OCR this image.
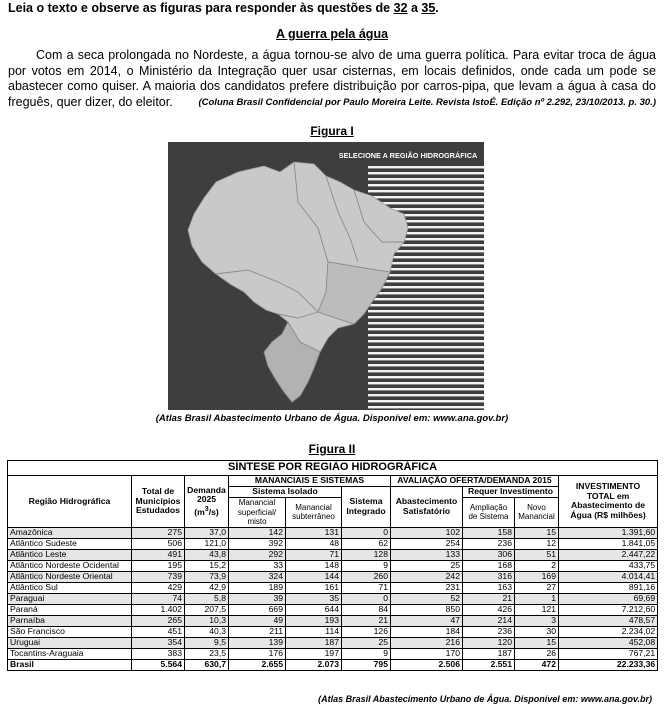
Leia o texto e observe as figuras para responder às questões de 32 a 35.
A guerra pela água
Com a seca prolongada no Nordeste, a água tornou-se alvo de uma guerra política. Para evitar troca de água por votos em 2014, o Ministério da Integração quer usar cisternas, em locais definidos, onde cada um pode se abastecer como quiser. A maioria dos candidatos prefere distribuição por carros-pipa, que levam a água à casa do freguês, quer dizer, do eleitor.	(Coluna Brasil Confidencial por Paulo Moreira Leite. Revista IstoÉ. Edição nº 2.292, 23/10/2013. p. 30.)
Figura I
SELECIONE A REGIÃO HIDROGRÁFICA
(Atlas Brasil Abastecimento Urbano de Água. Disponível em: www.ana.gov.br)
Figura II
SÍNTESE POR REGIÃO HIDROGRÁFICA									
Região Hidrográfica	Total de Municípios Estudados	Demanda 2025 $(m^3/s)$	MANANCIAIS E SISTEMAS			AVALIAÇÃO OFERTA/DEMANDA 2015			INVESTIMENTO TOTAL em Abastecimento de Água (R$ milhões)
			Sistema Isolado		Sistema Integrado	Abastecimento Satisfatório	Requer Investimento		
			Manancial superficial/ misto	Manancial subterrâneo			Ampliação de Sistema	Novo Manancial	
Amazônica	275	37,0	142	131	0	102	158	15	1.391,60
Atlântico Sudeste	506	121,0	392	48	62	254	236	12	1.841,05
Atlântico Leste	491	43,8	292	71	128	133	306	51	2.447,22
Atlântico Nordeste Ocidental	195	15,2	33	148	9	25	168	2	433,75
Atlântico Nordeste Oriental	739	73,9	324	144	260	242	316	169	4.014,41
Atlântico Sul	429	42,9	189	161	71	231	163	27	891,16
Paraguai	74	5,8	39	35	0	52	21	1	69,69
Paraná	1.402	207,5	669	644	84	850	426	121	7.212,60
Parnaíba	265	10,3	49	193	21	47	214	3	478,57
São Francisco	451	40,3	211	114	126	184	236	30	2.234,02
Uruguai	354	9,5	139	187	25	216	120	15	452,08
Tocantins-Araguaia	383	23,5	176	197	9	170	187	26	767,21
Brasil	5.564	630,7	2.655	2.073	795	2.506	2.551	472	22.233,36
(Atlas Brasil Abastecimento Urbano de Água. Disponível em: www.ana.gov.br)
